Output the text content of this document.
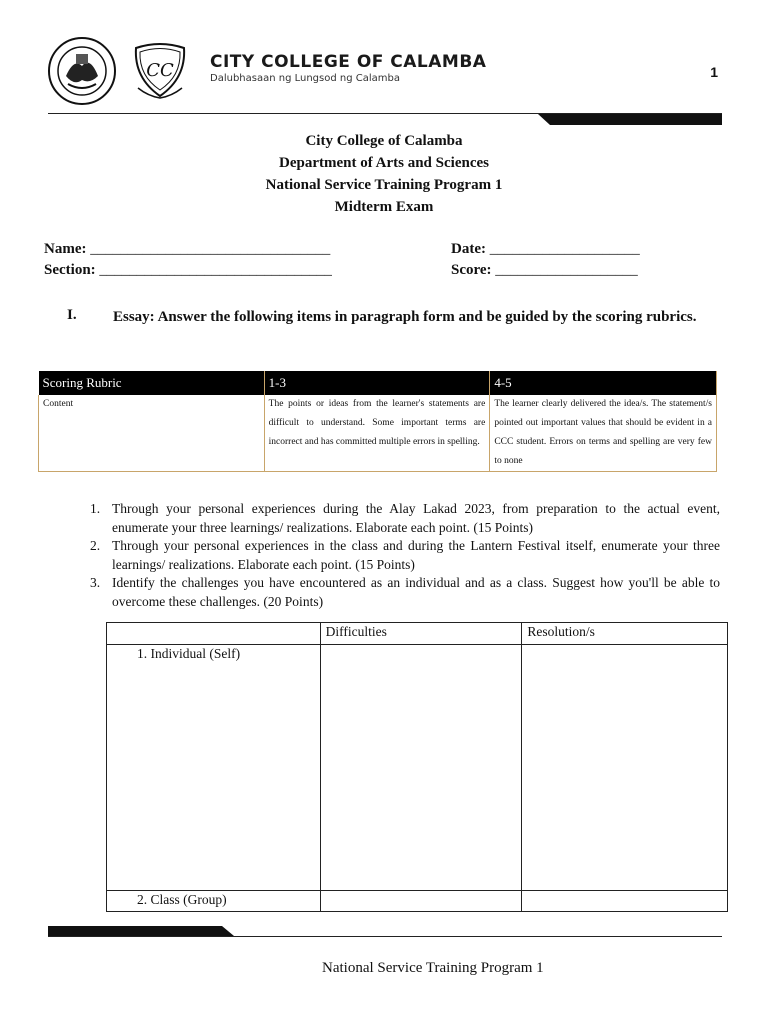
CC CITY COLLEGE OF CALAMBA
Dalubhasaan ng Lungsod ng Calamba	1
City College of Calamba
Department of Arts and Sciences
National Service Training Program 1
Midterm Exam
Name: ________________________________
Section: _______________________________
Date: ____________________
Score: ___________________
I. Essay: Answer the following items in paragraph form and be guided by the scoring rubrics.
Scoring Rubric	1-3	4-5
Content	The points or ideas from the learner's statements are difficult to understand. Some important terms are incorrect and has committed multiple errors in spelling.	The learner clearly delivered the idea/s. The statement/s pointed out important values that should be evident in a CCC student. Errors on terms and spelling are very few to none
1. Through your personal experiences during the Alay Lakad 2023, from preparation to the actual event, enumerate your three learnings/ realizations. Elaborate each point. (15 Points)
2. Through your personal experiences in the class and during the Lantern Festival itself, enumerate your three learnings/ realizations. Elaborate each point. (15 Points)
3. Identify the challenges you have encountered as an individual and as a class. Suggest how you'll be able to overcome these challenges. (20 Points)
	Difficulties	Resolution/s
1. Individual (Self)		
2. Class (Group)		
National Service Training Program 1
